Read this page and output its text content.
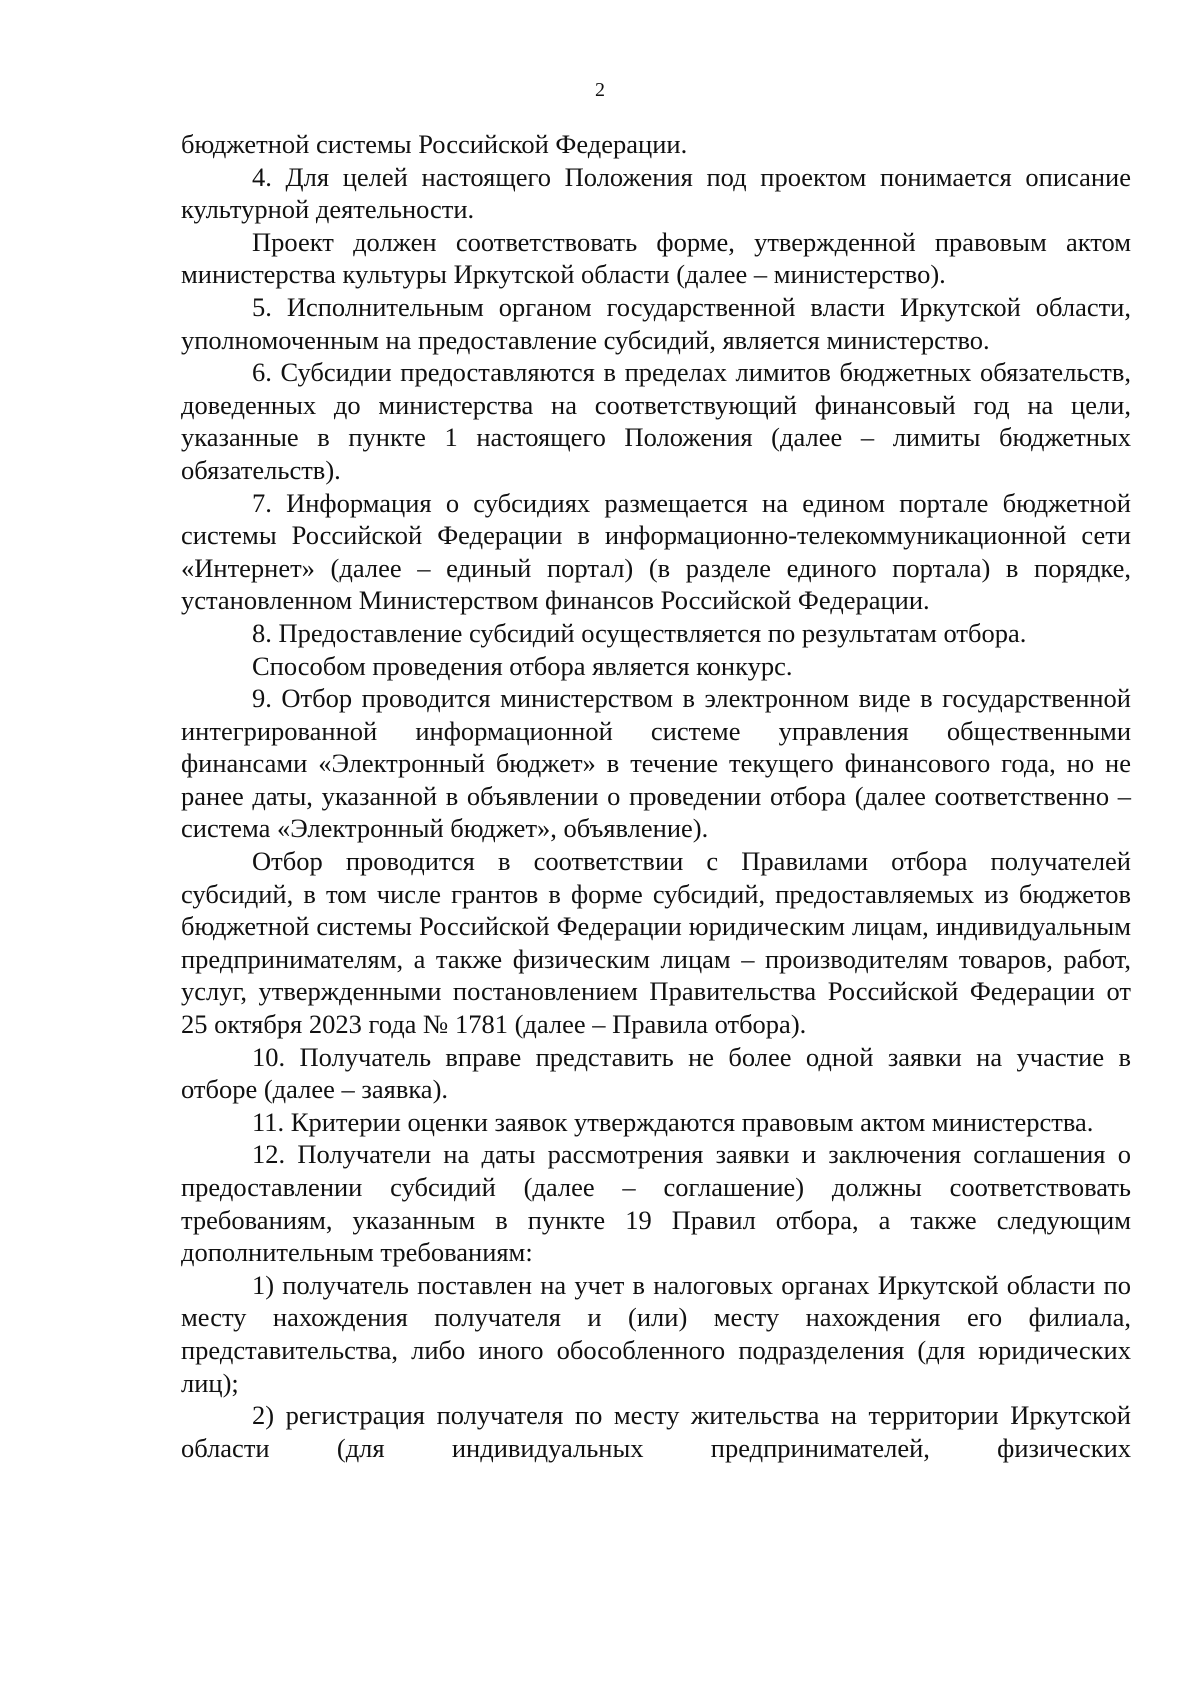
2

бюджетной системы Российской Федерации.

4. Для целей настоящего Положения под проектом понимается описание культурной деятельности.

Проект должен соответствовать форме, утвержденной правовым актом министерства культуры Иркутской области (далее – министерство).

5. Исполнительным органом государственной власти Иркутской области, уполномоченным на предоставление субсидий, является министерство.

6. Субсидии предоставляются в пределах лимитов бюджетных обязательств, доведенных до министерства на соответствующий финансовый год на цели, указанные в пункте 1 настоящего Положения (далее – лимиты бюджетных обязательств).

7. Информация о субсидиях размещается на едином портале бюджетной системы Российской Федерации в информационно-телекоммуникационной сети «Интернет» (далее – единый портал) (в разделе единого портала) в порядке, установленном Министерством финансов Российской Федерации.

8. Предоставление субсидий осуществляется по результатам отбора.

Способом проведения отбора является конкурс.

9. Отбор проводится министерством в электронном виде в государственной интегрированной информационной системе управления общественными финансами «Электронный бюджет» в течение текущего финансового года, но не ранее даты, указанной в объявлении о проведении отбора (далее соответственно – система «Электронный бюджет», объявление).

Отбор проводится в соответствии с Правилами отбора получателей субсидий, в том числе грантов в форме субсидий, предоставляемых из бюджетов бюджетной системы Российской Федерации юридическим лицам, индивидуальным предпринимателям, а также физическим лицам – производителям товаров, работ, услуг, утвержденными постановлением Правительства Российской Федерации от 25 октября 2023 года № 1781 (далее – Правила отбора).

10. Получатель вправе представить не более одной заявки на участие в отборе (далее – заявка).

11. Критерии оценки заявок утверждаются правовым актом министерства.

12. Получатели на даты рассмотрения заявки и заключения соглашения о предоставлении субсидий (далее – соглашение) должны соответствовать требованиям, указанным в пункте 19 Правил отбора, а также следующим дополнительным требованиям:

1) получатель поставлен на учет в налоговых органах Иркутской области по месту нахождения получателя и (или) месту нахождения его филиала, представительства, либо иного обособленного подразделения (для юридических лиц);

2) регистрация получателя по месту жительства на территории Иркутской области (для индивидуальных предпринимателей, физических
